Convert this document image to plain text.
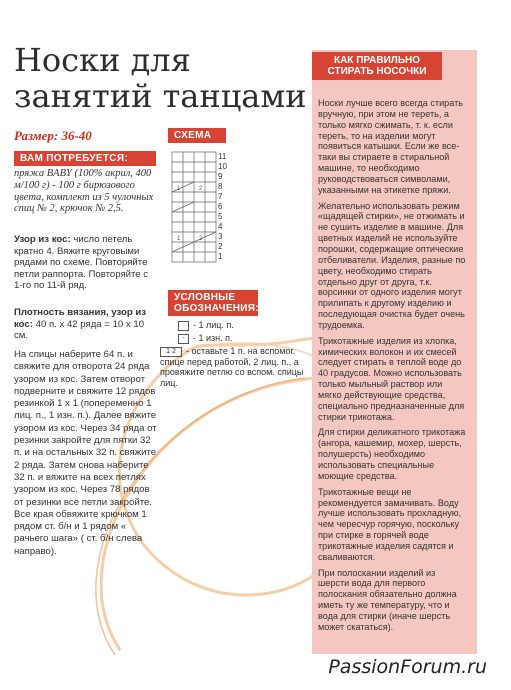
Носки для занятий танцами
Размер: 36-40
ВАМ ПОТРЕБУЕТСЯ:
пряжа BABY (100% акрил, 400 м/100 г) - 100 г бирюзового цвета, комплект из 5 чулочных спиц № 2, крючок № 2,5.
Узор из кос: число петель кратно 4. Вяжите круговыми рядами по схеме. Повторяйте петли раппорта. Повторяйте с 1-го по 11-й ряд.
Плотность вязания, узор из кос: 40 п. x 42 ряда = 10 x 10 см.
На спицы наберите 64 п. и свяжите для отворота 24 ряда узором из кос. Затем отворот подверните и свяжите 12 рядов резинкой 1 x 1 (попеременно 1 лиц. п., 1 изн. п.). Далее вяжите узором из кос. Через 34 ряда от резинки закройте для пятки 32 п. и на остальных 32 п. свяжите 2 ряда. Затем снова наберите 32 п. и вяжите на всех петлях узором из кос. Через 78 рядов от резинки все петли закройте. Все края обвяжите крючком 1 рядом ст. б/н и 1 рядом « рачьего шага» ( ст. б/н слева направо).
СХЕМА
1	2
1	2
11
10
9
8
7
6
5
4
3
2
1
УСЛОВНЫЕ ОБОЗНАЧЕНИЯ:
- 1 лиц. п.
- - 1 изн. п.
1 2 - оставьте 1 п. на вспомог. спице перед работой, 2 лиц. п., а провяжите петлю со вспом. спицы лиц.
КАК ПРАВИЛЬНО СТИРАТЬ НОСОЧКИ

Носки лучше всего всегда стирать вручную, при этом не тереть, а только мягко сжимать, т. к. если тереть, то на изделии могут появиться катышки. Если же все-таки вы стираете в стиральной машине, то необходимо руководствоваться символами, указанными на этикетке пряжи.

Желательно использовать режим «щадящей стирки», не отжимать и не сушить изделие в машине. Для цветных изделий не используйте порошки, содержащие оптические отбеливатели. Изделия, разные по цвету, необходимо стирать отдельно друг от друга, т.к. ворсинки от одного изделия могут прилипать к другому изделию и последующая очистка будет очень трудоемка.

Трикотажные изделия из хлопка, химических волокон и их смесей следует стирать в теплой воде до 40 градусов. Можно использовать только мыльный раствор или мягко действующие средства, специально предназначенные для стирки трикотажа.

Для стирки деликатного трикотажа (ангора, кашемир, мохер, шерсть, полушерсть) необходимо использовать специальные моющие средства.

Трикотажные вещи не рекомендуется замачивать. Воду лучше использовать прохладную, чем чересчур горячую, поскольку при стирке в горячей воде трикотажные изделия садятся и сваливаются.

При полоскании изделий из шерсти вода для первого полоскания обязательно должна иметь ту же температуру, что и вода для стирки (иначе шерсть может скататься).

PassionForum.ru
